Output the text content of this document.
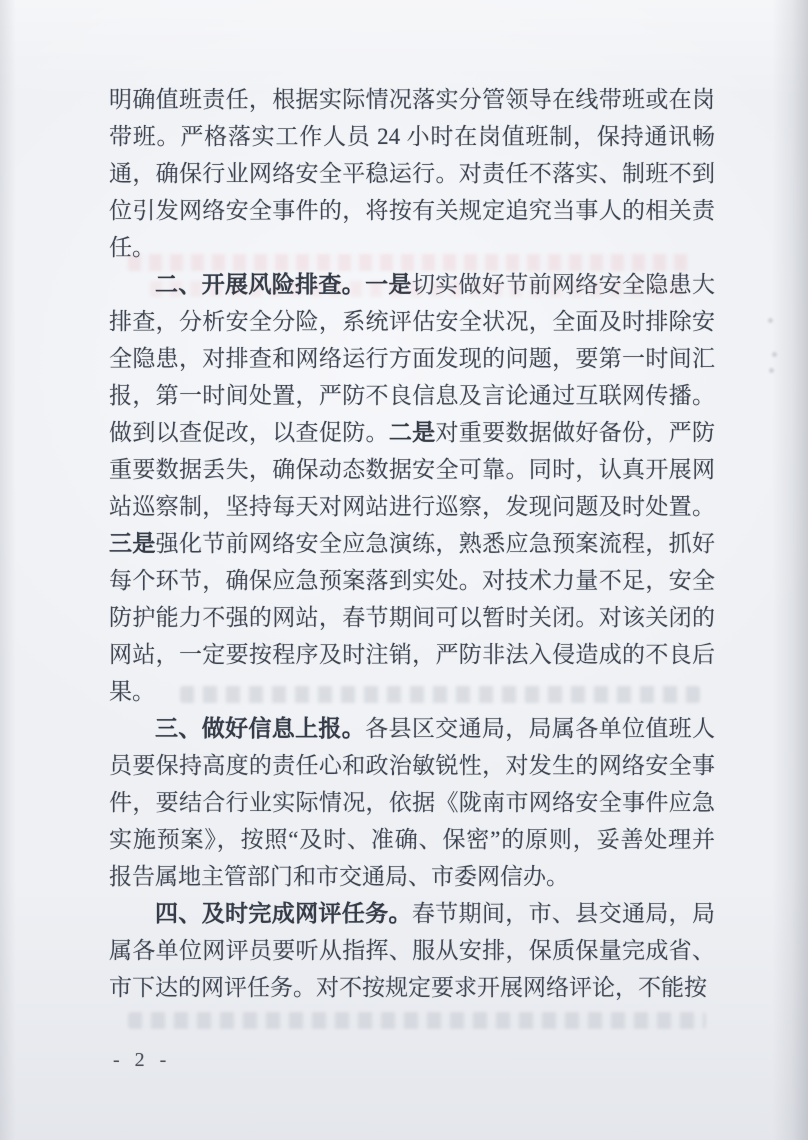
明确值班责任，根据实际情况落实分管领导在线带班或在岗带班。严格落实工作人员 24 小时在岗值班制，保持通讯畅通，确保行业网络安全平稳运行。对责任不落实、制班不到位引发网络安全事件的，将按有关规定追究当事人的相关责任。

二、开展风险排查。一是切实做好节前网络安全隐患大排查，分析安全分险，系统评估安全状况，全面及时排除安全隐患，对排查和网络运行方面发现的问题，要第一时间汇报，第一时间处置，严防不良信息及言论通过互联网传播。做到以查促改，以查促防。二是对重要数据做好备份，严防重要数据丢失，确保动态数据安全可靠。同时，认真开展网站巡察制，坚持每天对网站进行巡察，发现问题及时处置。三是强化节前网络安全应急演练，熟悉应急预案流程，抓好每个环节，确保应急预案落到实处。对技术力量不足，安全防护能力不强的网站，春节期间可以暂时关闭。对该关闭的网站，一定要按程序及时注销，严防非法入侵造成的不良后果。

三、做好信息上报。各县区交通局，局属各单位值班人员要保持高度的责任心和政治敏锐性，对发生的网络安全事件，要结合行业实际情况，依据《陇南市网络安全事件应急实施预案》，按照“及时、准确、保密”的原则，妥善处理并报告属地主管部门和市交通局、市委网信办。

四、及时完成网评任务。春节期间，市、县交通局，局属各单位网评员要听从指挥、服从安排，保质保量完成省、市下达的网评任务。对不按规定要求开展网络评论，不能按

- 2 -
